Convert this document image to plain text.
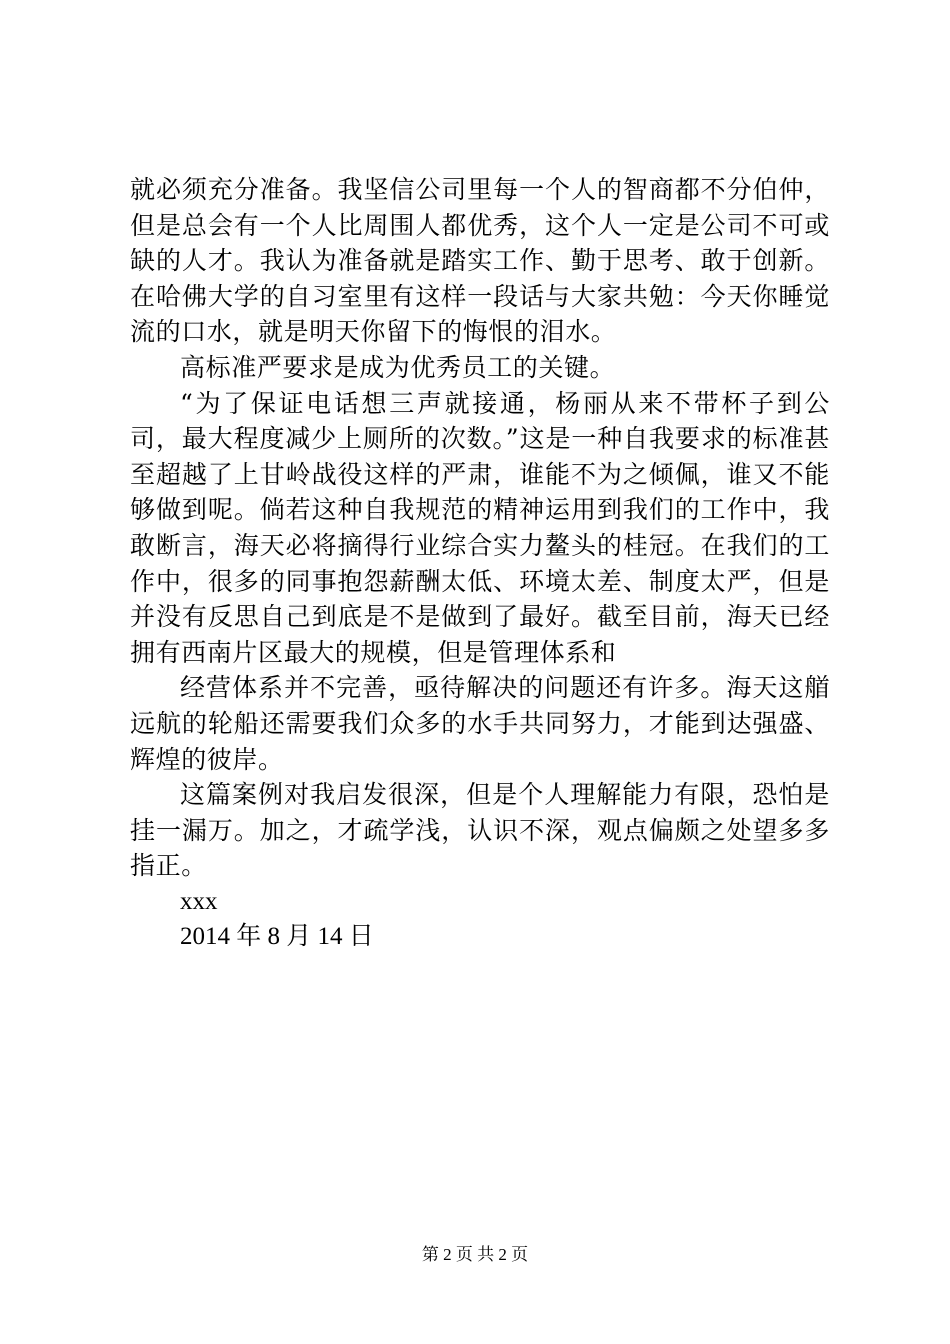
就必须充分准备。我坚信公司里每一个人的智商都不分伯仲，但是总会有一个人比周围人都优秀，这个人一定是公司不可或缺的人才。我认为准备就是踏实工作、勤于思考、敢于创新。在哈佛大学的自习室里有这样一段话与大家共勉：今天你睡觉流的口水，就是明天你留下的悔恨的泪水。

高标准严要求是成为优秀员工的关键。

“为了保证电话想三声就接通，杨丽从来不带杯子到公司，最大程度减少上厕所的次数。”这是一种自我要求的标准甚至超越了上甘岭战役这样的严肃，谁能不为之倾佩，谁又不能够做到呢。倘若这种自我规范的精神运用到我们的工作中，我敢断言，海天必将摘得行业综合实力鳌头的桂冠。在我们的工作中，很多的同事抱怨薪酬太低、环境太差、制度太严，但是并没有反思自己到底是不是做到了最好。截至目前，海天已经拥有西南片区最大的规模，但是管理体系和

经营体系并不完善，亟待解决的问题还有许多。海天这艏远航的轮船还需要我们众多的水手共同努力，才能到达强盛、辉煌的彼岸。

这篇案例对我启发很深，但是个人理解能力有限，恐怕是挂一漏万。加之，才疏学浅，认识不深，观点偏颇之处望多多指正。

xxx

2014 年 8 月 14 日

第 2 页 共 2 页
